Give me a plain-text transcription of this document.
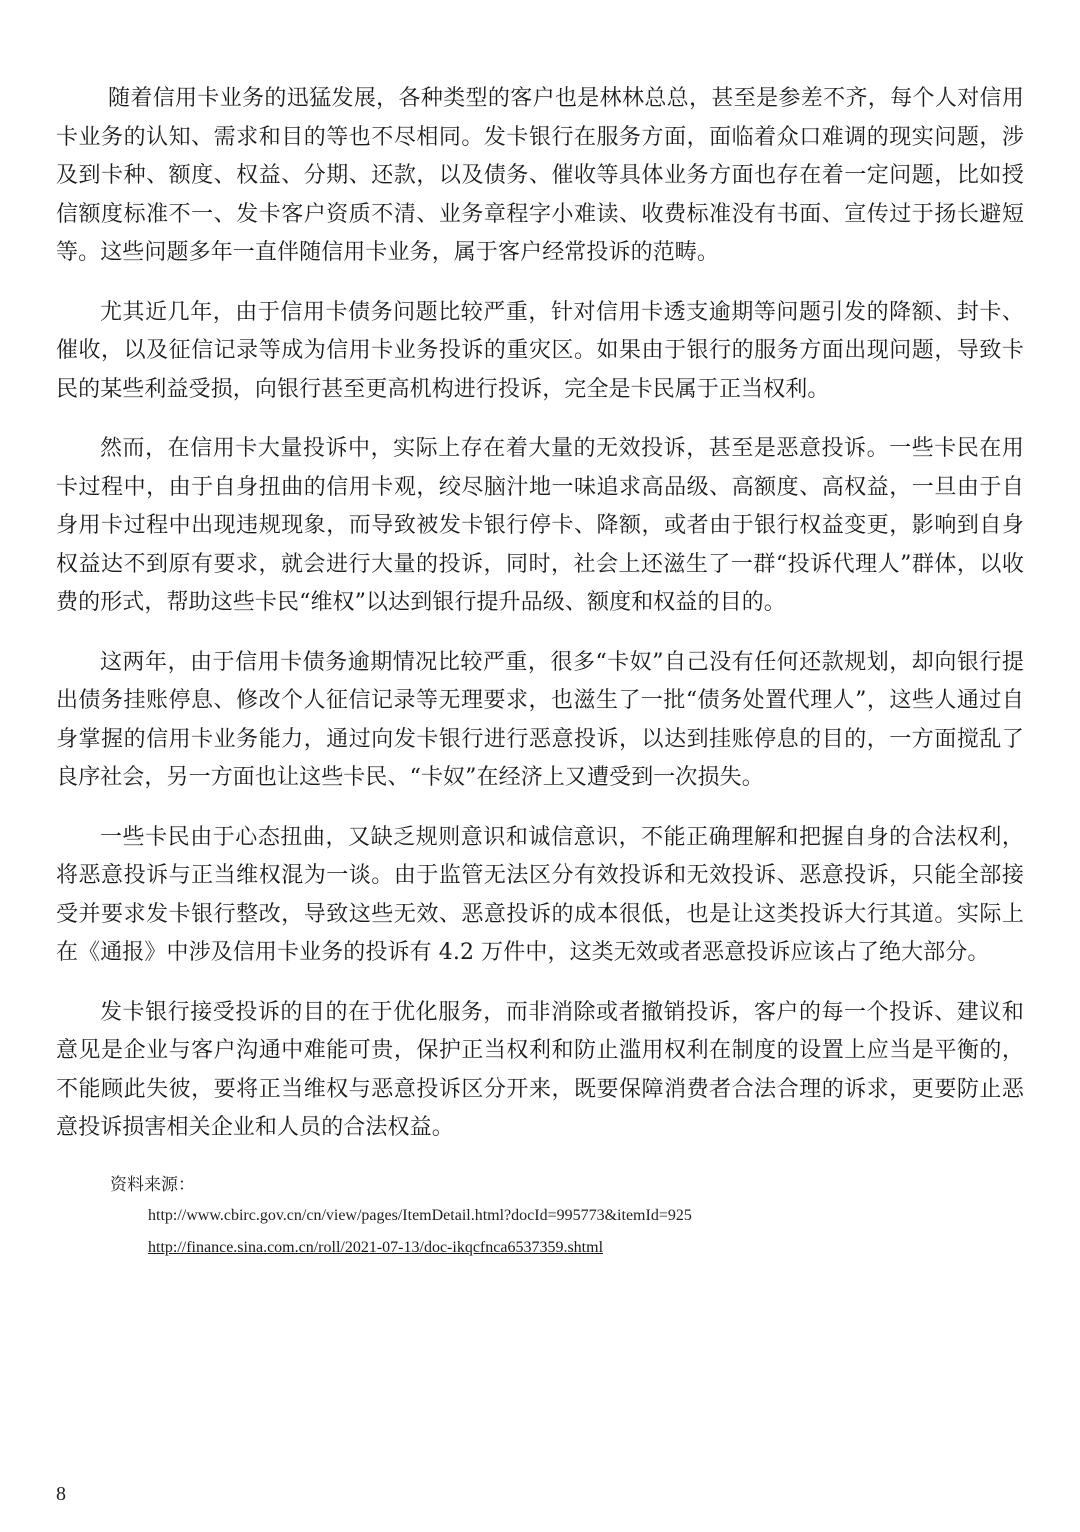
随着信用卡业务的迅猛发展，各种类型的客户也是林林总总，甚至是参差不齐，每个人对信用卡业务的认知、需求和目的等也不尽相同。发卡银行在服务方面，面临着众口难调的现实问题，涉及到卡种、额度、权益、分期、还款，以及债务、催收等具体业务方面也存在着一定问题，比如授信额度标准不一、发卡客户资质不清、业务章程字小难读、收费标准没有书面、宣传过于扬长避短等。这些问题多年一直伴随信用卡业务，属于客户经常投诉的范畴。

尤其近几年，由于信用卡债务问题比较严重，针对信用卡透支逾期等问题引发的降额、封卡、催收，以及征信记录等成为信用卡业务投诉的重灾区。如果由于银行的服务方面出现问题，导致卡民的某些利益受损，向银行甚至更高机构进行投诉，完全是卡民属于正当权利。

然而，在信用卡大量投诉中，实际上存在着大量的无效投诉，甚至是恶意投诉。一些卡民在用卡过程中，由于自身扭曲的信用卡观，绞尽脑汁地一味追求高品级、高额度、高权益，一旦由于自身用卡过程中出现违规现象，而导致被发卡银行停卡、降额，或者由于银行权益变更，影响到自身权益达不到原有要求，就会进行大量的投诉，同时，社会上还滋生了一群“投诉代理人”群体，以收费的形式，帮助这些卡民“维权”以达到银行提升品级、额度和权益的目的。

这两年，由于信用卡债务逾期情况比较严重，很多“卡奴”自己没有任何还款规划，却向银行提出债务挂账停息、修改个人征信记录等无理要求，也滋生了一批“债务处置代理人”，这些人通过自身掌握的信用卡业务能力，通过向发卡银行进行恶意投诉，以达到挂账停息的目的，一方面搅乱了良序社会，另一方面也让这些卡民、“卡奴”在经济上又遭受到一次损失。

一些卡民由于心态扭曲，又缺乏规则意识和诚信意识，不能正确理解和把握自身的合法权利，将恶意投诉与正当维权混为一谈。由于监管无法区分有效投诉和无效投诉、恶意投诉，只能全部接受并要求发卡银行整改，导致这些无效、恶意投诉的成本很低，也是让这类投诉大行其道。实际上在《通报》中涉及信用卡业务的投诉有 4.2 万件中，这类无效或者恶意投诉应该占了绝大部分。

发卡银行接受投诉的目的在于优化服务，而非消除或者撤销投诉，客户的每一个投诉、建议和意见是企业与客户沟通中难能可贵，保护正当权利和防止滥用权利在制度的设置上应当是平衡的，不能顾此失彼，要将正当维权与恶意投诉区分开来，既要保障消费者合法合理的诉求，更要防止恶意投诉损害相关企业和人员的合法权益。

资料来源：
http://www.cbirc.gov.cn/cn/view/pages/ItemDetail.html?docId=995773&itemId=925
http://finance.sina.com.cn/roll/2021-07-13/doc-ikqcfnca6537359.shtml
8
